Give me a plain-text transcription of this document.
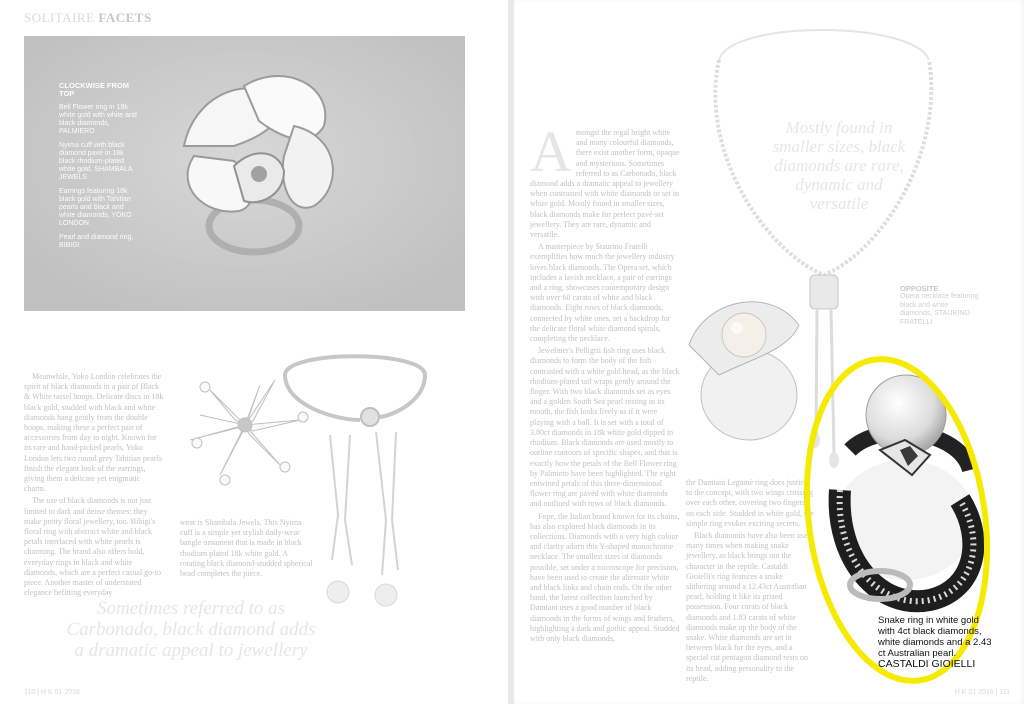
SOLITAIRE FACETS

CLOCKWISE FROM TOP

Bell Flower ring in 18k white gold with white and black diamonds, PALMIERO

Nyima cuff with black diamond pavé in 18k black rhodium-plated white gold, SHAMBALA JEWELS

Earrings featuring 18k black gold with Tahitian pearls and black and white diamonds, YOKO LONDON

Pearl and diamond ring, BIBIGI

Meanwhile, Yoko London celebrates the spirit of black diamonds in a pair of Black & White tassel hoops. Delicate discs in 18k black gold, studded with black and white diamonds hang gently from the double hoops, making these a perfect pair of accessories from day to night. Known for its rare and hand-picked pearls, Yoko London lets two round grey Tahitian pearls finish the elegant look of the earrings, giving them a delicate yet enigmatic charm.

The use of black diamonds is not just limited to dark and dense themes; they make pretty floral jewellery, too. Bibigi's floral ring with abstract white and black petals interlaced with white pearls is charming. The brand also offers bold, everyday rings in black and white diamonds, which are a perfect casual go-to piece. Another master of understated elegance befitting everyday

wear is Shambala Jewels. This Nyima cuff is a simple yet stylish daily-wear bangle ornament that is made in black rhodium plated 18k white gold. A rotating black diamond-studded spherical bead completes the piece.

Sometimes referred to as Carbonado, black diamond adds a dramatic appeal to jewellery
110 | H K 01 2016

Amongst the regal bright white and many colourful diamonds, there exist another form, opaque and mysterious. Sometimes referred to as Carbonado, black diamond adds a dramatic appeal to jewellery when contrasted with white diamonds or set in white gold. Mostly found in smaller sizes, black diamonds make for perfect pavé-set jewellery. They are rare, dynamic and versatile.

A masterpiece by Staurino Fratelli exemplifies how much the jewellery industry loves black diamonds. The Opera set, which includes a lavish necklace, a pair of earrings and a ring, showcases contemporary design with over 60 carats of white and black diamonds. Eight rows of black diamonds, connected by white ones, set a backdrop for the delicate floral white diamond spirals, completing the necklace.

Jewelmer's Pelligrii fish ring uses black diamonds to form the body of the fish contrasted with a white gold head, as the black rhodium-plated tail wraps gently around the finger. With two black diamonds set as eyes and a golden South Sea pearl resting in its mouth, the fish looks lively as if it were playing with a ball. It is set with a total of 3.80ct diamonds in 18k white gold dipped in rhodium. Black diamonds are used mostly to outline contours of specific shapes, and that is exactly how the petals of the Bell Flower ring by Palmiero have been highlighted. The eight entwined petals of this three-dimensional flower ring are pavéd with white diamonds and outlined with rows of black diamonds.

Fope, the Italian brand known for its chains, has also explored black diamonds in its collections. Diamonds with a very high colour and clarity adorn this Y-shaped monochrome necklace. The smallest sizes of diamonds possible, set under a microscope for precision, have been used to create the alternate white and black links and chain ends. On the other hand, the latest collection launched by Damiani uses a good number of black diamonds in the forms of wings and feathers, highlighting a dark and gothic appeal. Studded with only black diamonds,

the Damiani Legamè ring does justice to the concept, with two wings crossing over each other, covering two fingers on each side. Studded in white gold, the simple ring evokes exciting secrets.

Black diamonds have also been used many times when making snake jewellery, as black brings out the character in the reptile. Castaldi Gioielli's ring features a snake slithering around a 12.43ct Australian pearl, holding it like its prized possession. Four carats of black diamonds and 1.83 carats of white diamonds make up the body of the snake. White diamonds are set in between black for the eyes, and a special cut pentagon diamond rests on its head, adding personality to the reptile.

Mostly found in smaller sizes, black diamonds are rare, dynamic and versatile
OPPOSITE
Opera necklace featuring black and white diamonds, STAURINO FRATELLI
H K 01 2016 | 111
Snake ring in white gold with 4ct black diamonds, white diamonds and a 2.43 ct Australian pearl.
CASTALDI GIOIELLI
